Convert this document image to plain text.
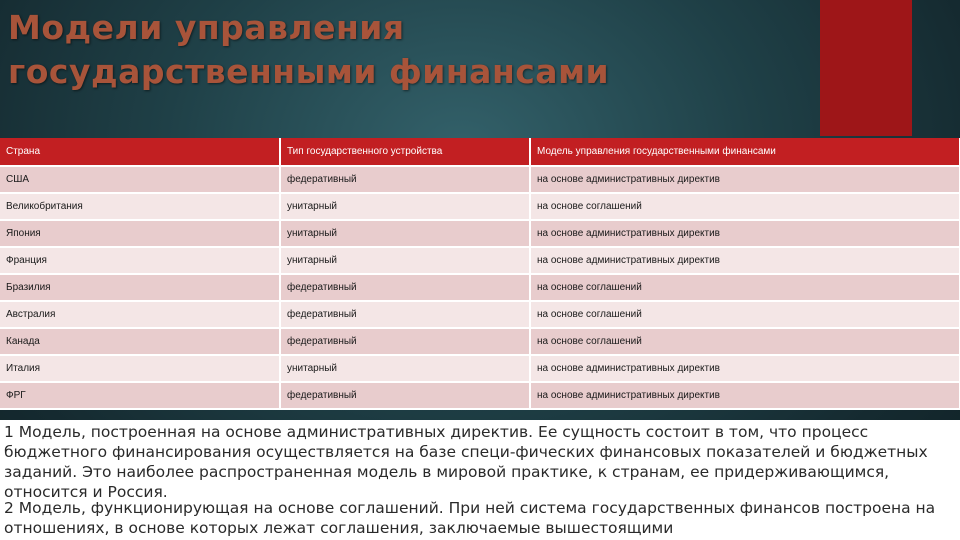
Модели управления
государственными финансами
Страна	Тип государственного устройства	Модель управления государственными финансами
США	федеративный	на основе административных директив
Великобритания	унитарный	на основе соглашений
Япония	унитарный	на основе административных директив
Франция	унитарный	на основе административных директив
Бразилия	федеративный	на основе соглашений
Австралия	федеративный	на основе соглашений
Канада	федеративный	на основе соглашений
Италия	унитарный	на основе административных директив
ФРГ	федеративный	на основе административных директив

1 Модель, построенная на основе административных директив. Ее сущность состоит в том, что процесс бюджетного финансирования осуществляется на базе специ-фических финансовых показателей и бюджетных заданий. Это наиболее распространенная модель в мировой практике, к странам, ее придерживающимся, относится и Россия.

2 Модель, функционирующая на основе соглашений. При ней система государственных финансов построена на отношениях, в основе которых лежат соглашения, заключаемые вышестоящими
